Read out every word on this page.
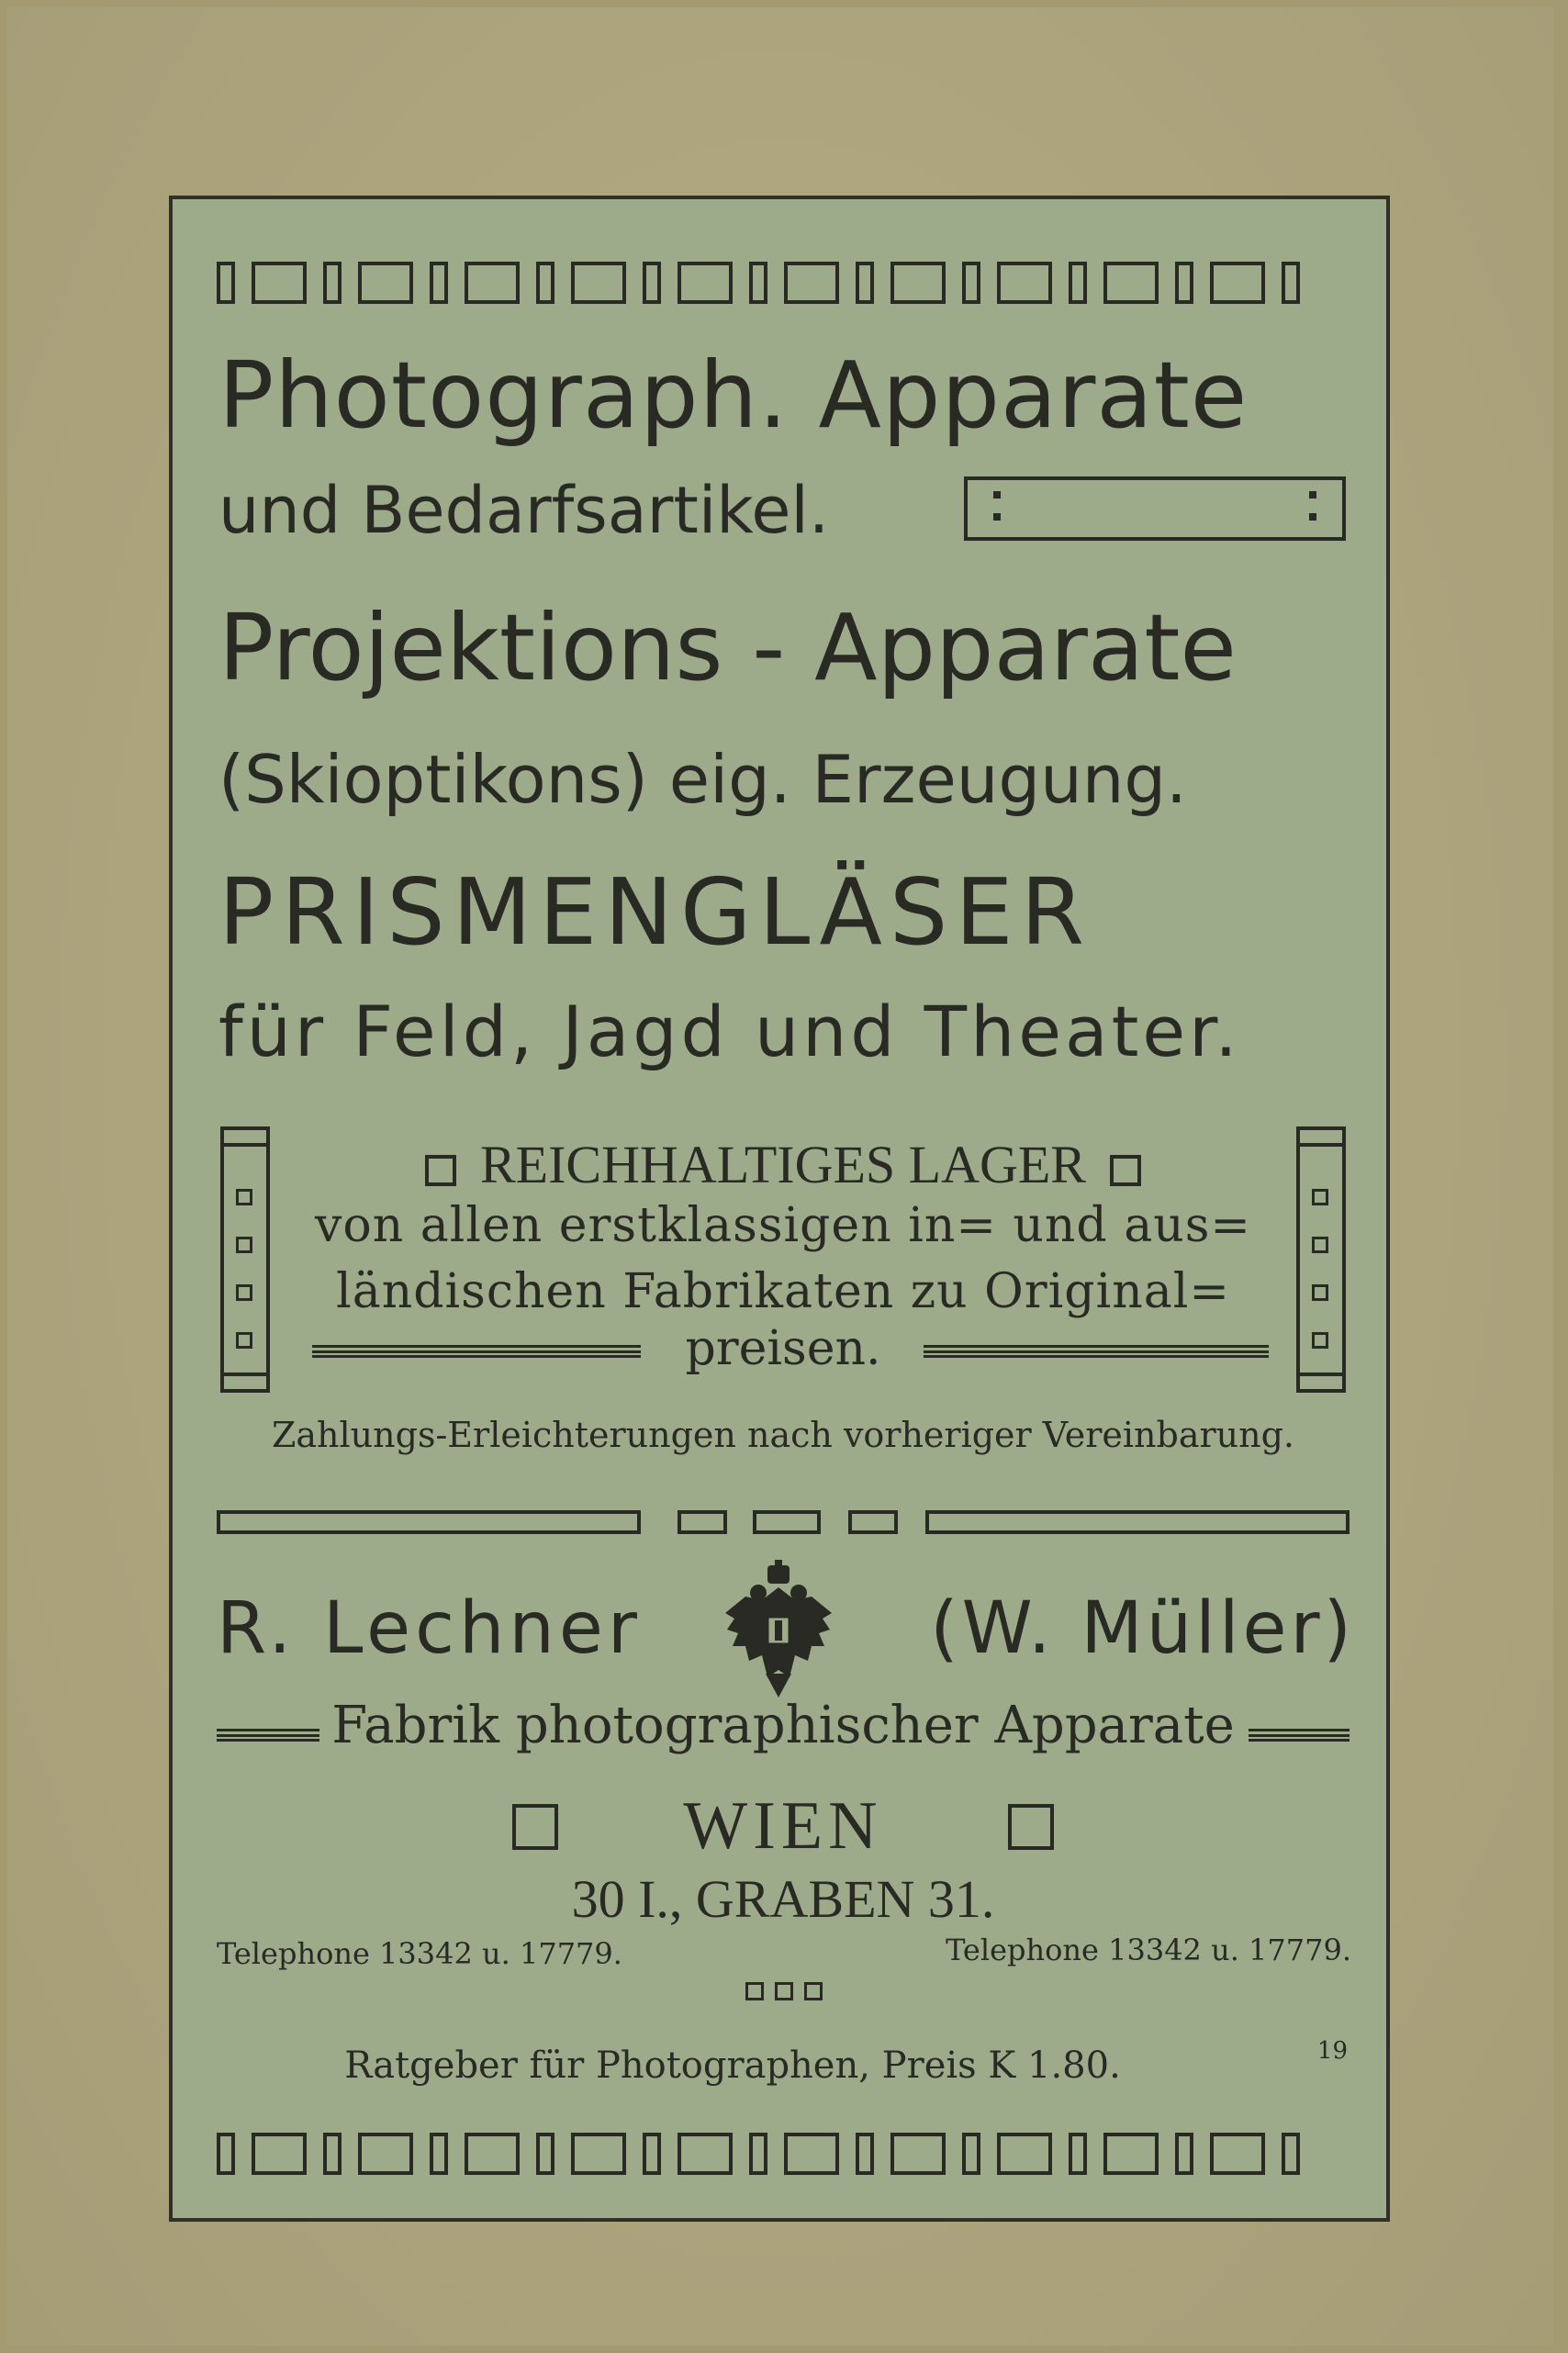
Photograph. Apparate
und Bedarfsartikel.
Projektions - Apparate
(Skioptikons) eig. Erzeugung.
PRISMENGLÄSER
für Feld, Jagd und Theater.
REICHHALTIGES LAGER
von allen erstklassigen in= und aus=
ländischen Fabrikaten zu Original=
preisen.
Zahlungs-Erleichterungen nach vorheriger Vereinbarung.
R. Lechner	(W. Müller)
Fabrik photographischer Apparate
WIEN
30 I., GRABEN 31.
Telephone 13342 u. 17779.	Telephone 13342 u. 17779.
Ratgeber für Photographen, Preis K 1.80.	19
